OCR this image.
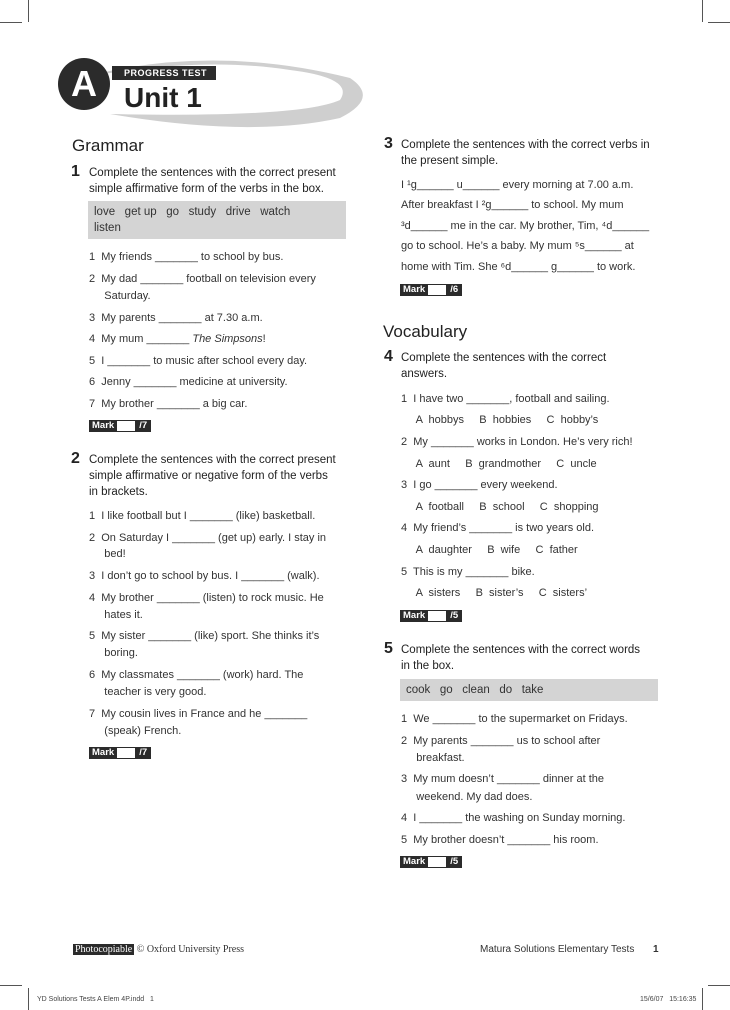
A	PROGRESS TEST
Unit 1
Grammar
1 Complete the sentences with the correct present
simple affirmative form of the verbs in the box.
love   get up   go   study   drive   watch
listen
1  My friends _______ to school by bus.
2  My dad _______ football on television every
Saturday.
3  My parents _______ at 7.30 a.m.
4  My mum _______ The Simpsons!
5  I _______ to music after school every day.
6  Jenny _______ medicine at university.
7  My brother _______ a big car.
Mark	/7
2 Complete the sentences with the correct present
simple affirmative or negative form of the verbs
in brackets.
1  I like football but I _______ (like) basketball.
2  On Saturday I _______ (get up) early. I stay in
bed!
3  I don’t go to school by bus. I _______ (walk).
4  My brother _______ (listen) to rock music. He
hates it.
5  My sister _______ (like) sport. She thinks it’s
boring.
6  My classmates _______ (work) hard. The
teacher is very good.
7  My cousin lives in France and he _______
(speak) French.
Mark	/7
3 Complete the sentences with the correct verbs in
the present simple.
I ¹g______ u______ every morning at 7.00 a.m.
After breakfast I ²g______ to school. My mum
³d______ me in the car. My brother, Tim, ⁴d______
go to school. He’s a baby. My mum ⁵s______ at
home with Tim. She ⁶d______ g______ to work.
Mark	/6
Vocabulary
4 Complete the sentences with the correct
answers.
1  I have two _______, football and sailing.
A  hobbys     B  hobbies     C  hobby’s
2  My _______ works in London. He’s very rich!
A  aunt     B  grandmother     C  uncle
3  I go _______ every weekend.
A  football     B  school     C  shopping
4  My friend’s _______ is two years old.
A  daughter     B  wife     C  father
5  This is my _______ bike.
A  sisters     B  sister’s     C  sisters’
Mark	/5
5 Complete the sentences with the correct words
in the box.
cook   go   clean   do   take
1  We _______ to the supermarket on Fridays.
2  My parents _______ us to school after
breakfast.
3  My mum doesn’t _______ dinner at the
weekend. My dad does.
4  I _______ the washing on Sunday morning.
5  My brother doesn’t _______ his room.
Mark	/5
Photocopiable © Oxford University Press	Matura Solutions Elementary Tests 1
YD Solutions Tests A Elem 4P.indd   1	15/6/07   15:16:35
